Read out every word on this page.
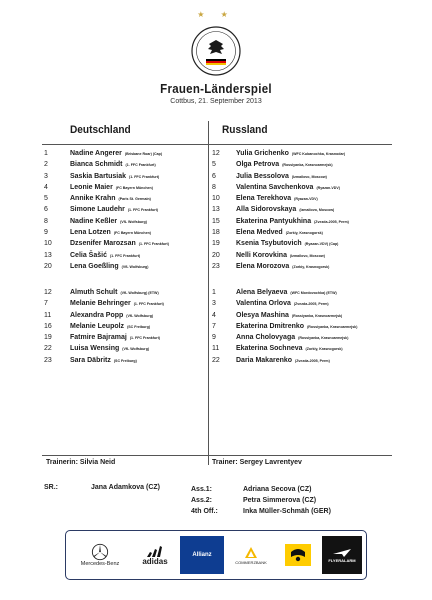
★ ★
Frauen-Länderspiel
Cottbus, 21. September 2013
Deutschland	Russland
1	Nadine Angerer (Brisbane Roar) (Cap)
2	Bianca Schmidt (1. FFC Frankfurt)
3	Saskia Bartusiak (1. FFC Frankfurt)
4	Leonie Maier (FC Bayern München)
5	Annike Krahn (Paris St. Germain)
6	Simone Laudehr (1. FFC Frankfurt)
8	Nadine Keßler (VfL Wolfsburg)
9	Lena Lotzen (FC Bayern München)
10	Dzsenifer Marozsan (1. FFC Frankfurt)
13	Celia Šašić (1. FFC Frankfurt)
20	Lena Goeßling (VfL Wolfsburg)
12	Almuth Schult (VfL Wolfsburg) (ETW)
7	Melanie Behringer (1. FFC Frankfurt)
11	Alexandra Popp (VfL Wolfsburg)
16	Melanie Leupolz (SC Freiburg)
19	Fatmire Bajramaj (1. FFC Frankfurt)
22	Luisa Wensing (VfL Wolfsburg)
23	Sara Däbritz (SC Freiburg)
12	Yulia Grichenko (WFC Kubanochka, Krasnodar)
5	Olga Petrova (Rossiyanka, Krasnoarmejsk)
6	Julia Bessolova (Izmailovo, Moscow)
8	Valentina Savchenkova (Ryazan-VDV)
10	Elena Terekhova (Ryazan-VDV)
13	Alla Sidorovskaya (Izmailovo, Moscow)
15	Ekaterina Pantyukhina (Zvezda-2005, Perm)
18	Elena Medved (Zorkiy, Krasnogorsk)
19	Ksenia Tsybutovich (Ryazan-VDV) (Cap)
20	Nelli Korovkina (Izmailovo, Moscow)
23	Elena Morozova (Zorkiy, Krasnogorsk)
1	Alena Belyaeva (WFC Mordovochka) (ETW)
3	Valentina Orlova (Zvezda-2005, Perm)
4	Olesya Mashina (Rossiyanka, Krasnoarmejsk)
7	Ekaterina Dmitrenko (Rossiyanka, Krasnoarmejsk)
9	Anna Cholovyaga (Rossiyanka, Krasnoarmejsk)
11	Ekaterina Sochneva (Zorkiy, Krasnogorsk)
22	Daria Makarenko (Zvezda-2005, Perm)
Trainerin: Silvia Neid	Trainer: Sergey Lavrentyev
SR.:	Jana Adamkova (CZ)	Ass.1:	Adriana Secova (CZ)
Ass.2:	Petra Simmerova (CZ)
4th Off.:	Inka Müller-Schmäh (GER)
Mercedes-Benz	adidas
Allianz
COMMERZBANK	FLYERALARM
